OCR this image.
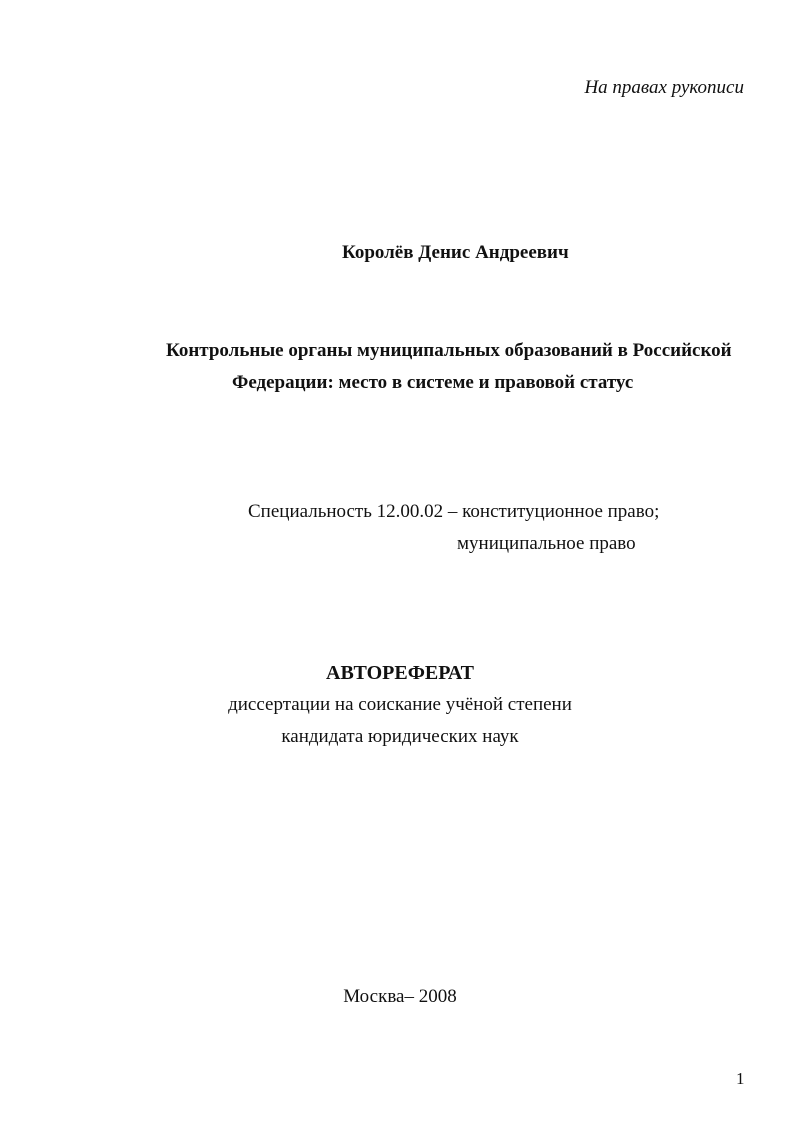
На правах рукописи

Королёв Денис Андреевич

Контрольные органы муниципальных образований в Российской

Федерации: место в системе и правовой статус

Специальность 12.00.02 – конституционное право;

муниципальное право

АВТОРЕФЕРАТ

диссертации на соискание учёной степени

кандидата юридических наук

Москва– 2008

1
